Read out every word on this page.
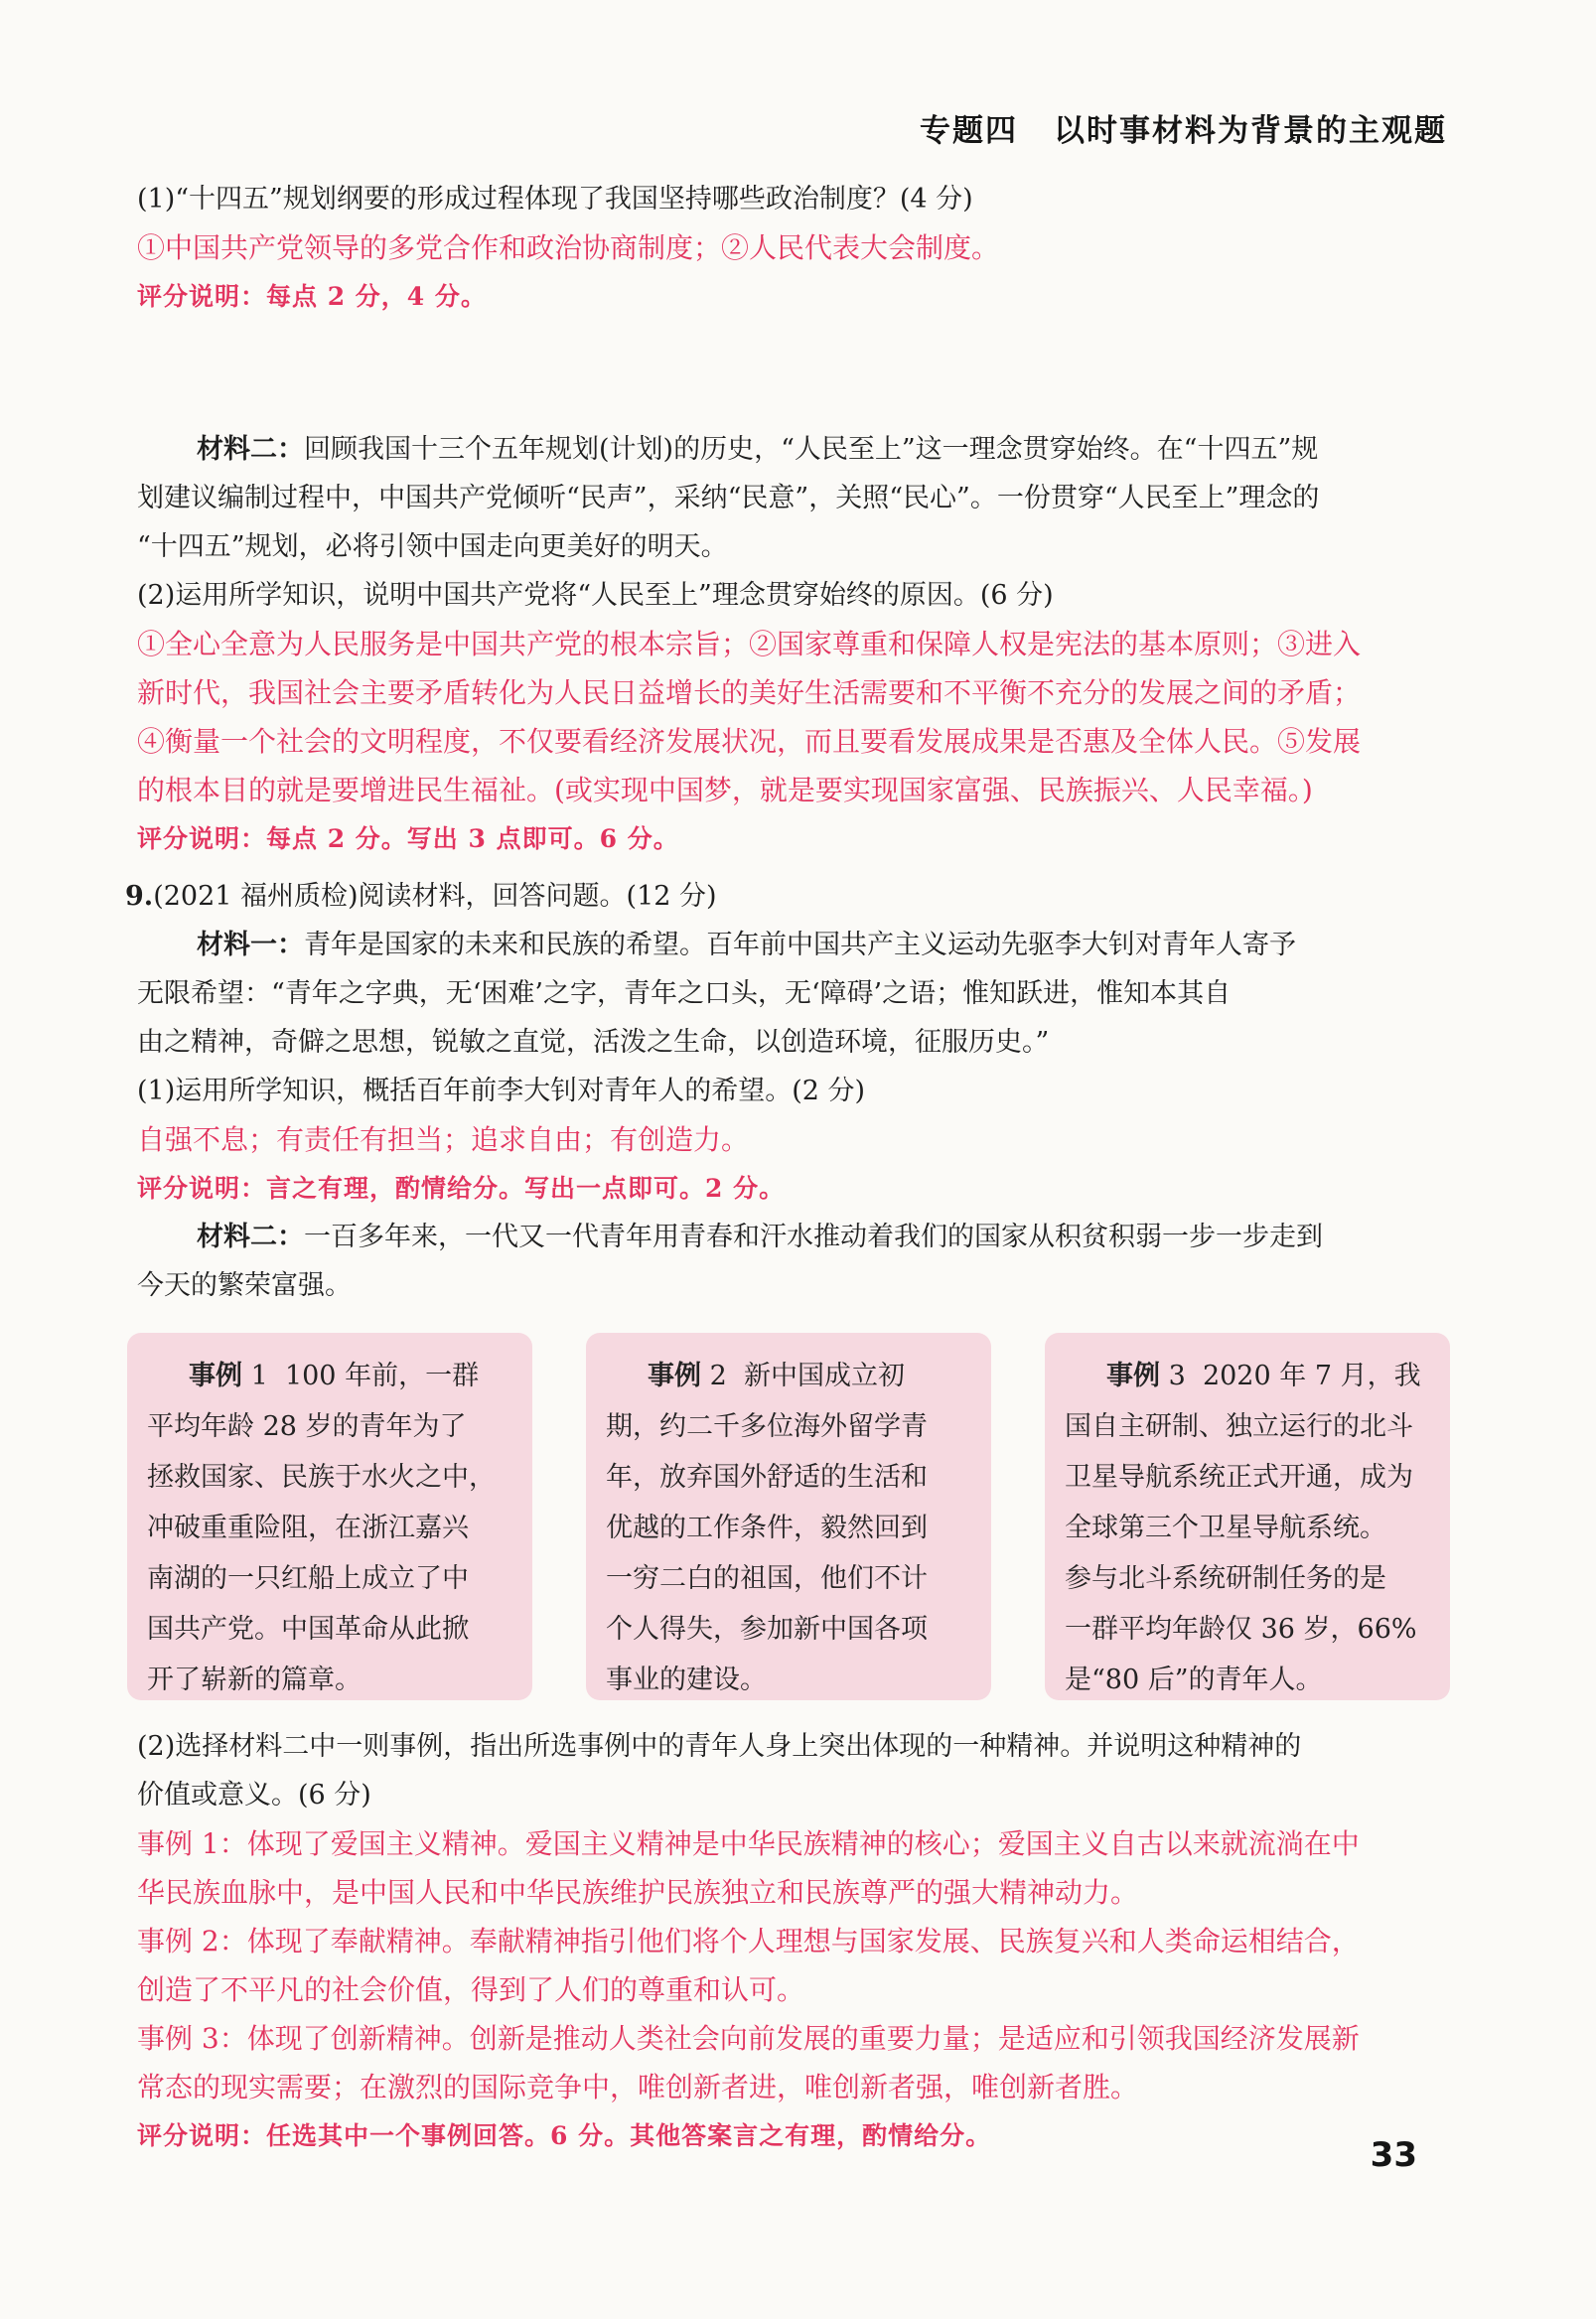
专题四 以时事材料为背景的主观题
(1)“十四五”规划纲要的形成过程体现了我国坚持哪些政治制度？(4 分)
①中国共产党领导的多党合作和政治协商制度；②人民代表大会制度。
评分说明：每点 2 分，4 分。
材料二：回顾我国十三个五年规划(计划)的历史，“人民至上”这一理念贯穿始终。在“十四五”规
划建议编制过程中，中国共产党倾听“民声”，采纳“民意”，关照“民心”。一份贯穿“人民至上”理念的
“十四五”规划，必将引领中国走向更美好的明天。
(2)运用所学知识，说明中国共产党将“人民至上”理念贯穿始终的原因。(6 分)
①全心全意为人民服务是中国共产党的根本宗旨；②国家尊重和保障人权是宪法的基本原则；③进入
新时代，我国社会主要矛盾转化为人民日益增长的美好生活需要和不平衡不充分的发展之间的矛盾；
④衡量一个社会的文明程度，不仅要看经济发展状况，而且要看发展成果是否惠及全体人民。⑤发展
的根本目的就是要增进民生福祉。(或实现中国梦，就是要实现国家富强、民族振兴、人民幸福。)
评分说明：每点 2 分。写出 3 点即可。6 分。
9.(2021 福州质检)阅读材料，回答问题。(12 分)
材料一：青年是国家的未来和民族的希望。百年前中国共产主义运动先驱李大钊对青年人寄予
无限希望：“青年之字典，无‘困难’之字，青年之口头，无‘障碍’之语；惟知跃进，惟知本其自
由之精神，奇僻之思想，锐敏之直觉，活泼之生命，以创造环境，征服历史。”
(1)运用所学知识，概括百年前李大钊对青年人的希望。(2 分)
自强不息；有责任有担当；追求自由；有创造力。
评分说明：言之有理，酌情给分。写出一点即可。2 分。
材料二：一百多年来，一代又一代青年用青春和汗水推动着我们的国家从积贫积弱一步一步走到
今天的繁荣富强。
事例 1 100 年前，一群
平均年龄 28 岁的青年为了
拯救国家、民族于水火之中，
冲破重重险阻，在浙江嘉兴
南湖的一只红船上成立了中
国共产党。中国革命从此掀
开了崭新的篇章。
事例 2 新中国成立初
期，约二千多位海外留学青
年，放弃国外舒适的生活和
优越的工作条件，毅然回到
一穷二白的祖国，他们不计
个人得失，参加新中国各项
事业的建设。
事例 3 2020 年 7 月，我
国自主研制、独立运行的北斗
卫星导航系统正式开通，成为
全球第三个卫星导航系统。
参与北斗系统研制任务的是
一群平均年龄仅 36 岁，66%
是“80 后”的青年人。
(2)选择材料二中一则事例，指出所选事例中的青年人身上突出体现的一种精神。并说明这种精神的
价值或意义。(6 分)
事例 1：体现了爱国主义精神。爱国主义精神是中华民族精神的核心；爱国主义自古以来就流淌在中
华民族血脉中，是中国人民和中华民族维护民族独立和民族尊严的强大精神动力。
事例 2：体现了奉献精神。奉献精神指引他们将个人理想与国家发展、民族复兴和人类命运相结合，
创造了不平凡的社会价值，得到了人们的尊重和认可。
事例 3：体现了创新精神。创新是推动人类社会向前发展的重要力量；是适应和引领我国经济发展新
常态的现实需要；在激烈的国际竞争中，唯创新者进，唯创新者强，唯创新者胜。
评分说明：任选其中一个事例回答。6 分。其他答案言之有理，酌情给分。	33
